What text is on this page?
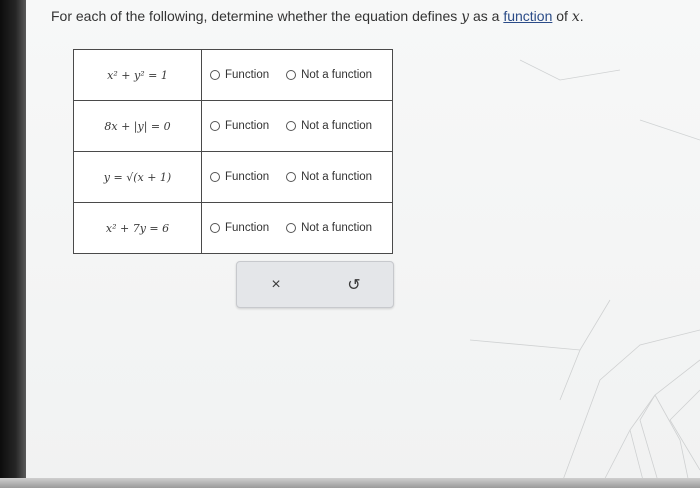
For each of the following, determine whether the equation defines y as a function of x.
x² + y² = 1	Function Not a function

8x + |y| = 0	Function Not a function

y = √(x + 1)	Function Not a function

x² + 7y = 6	Function Not a function
×	↺
